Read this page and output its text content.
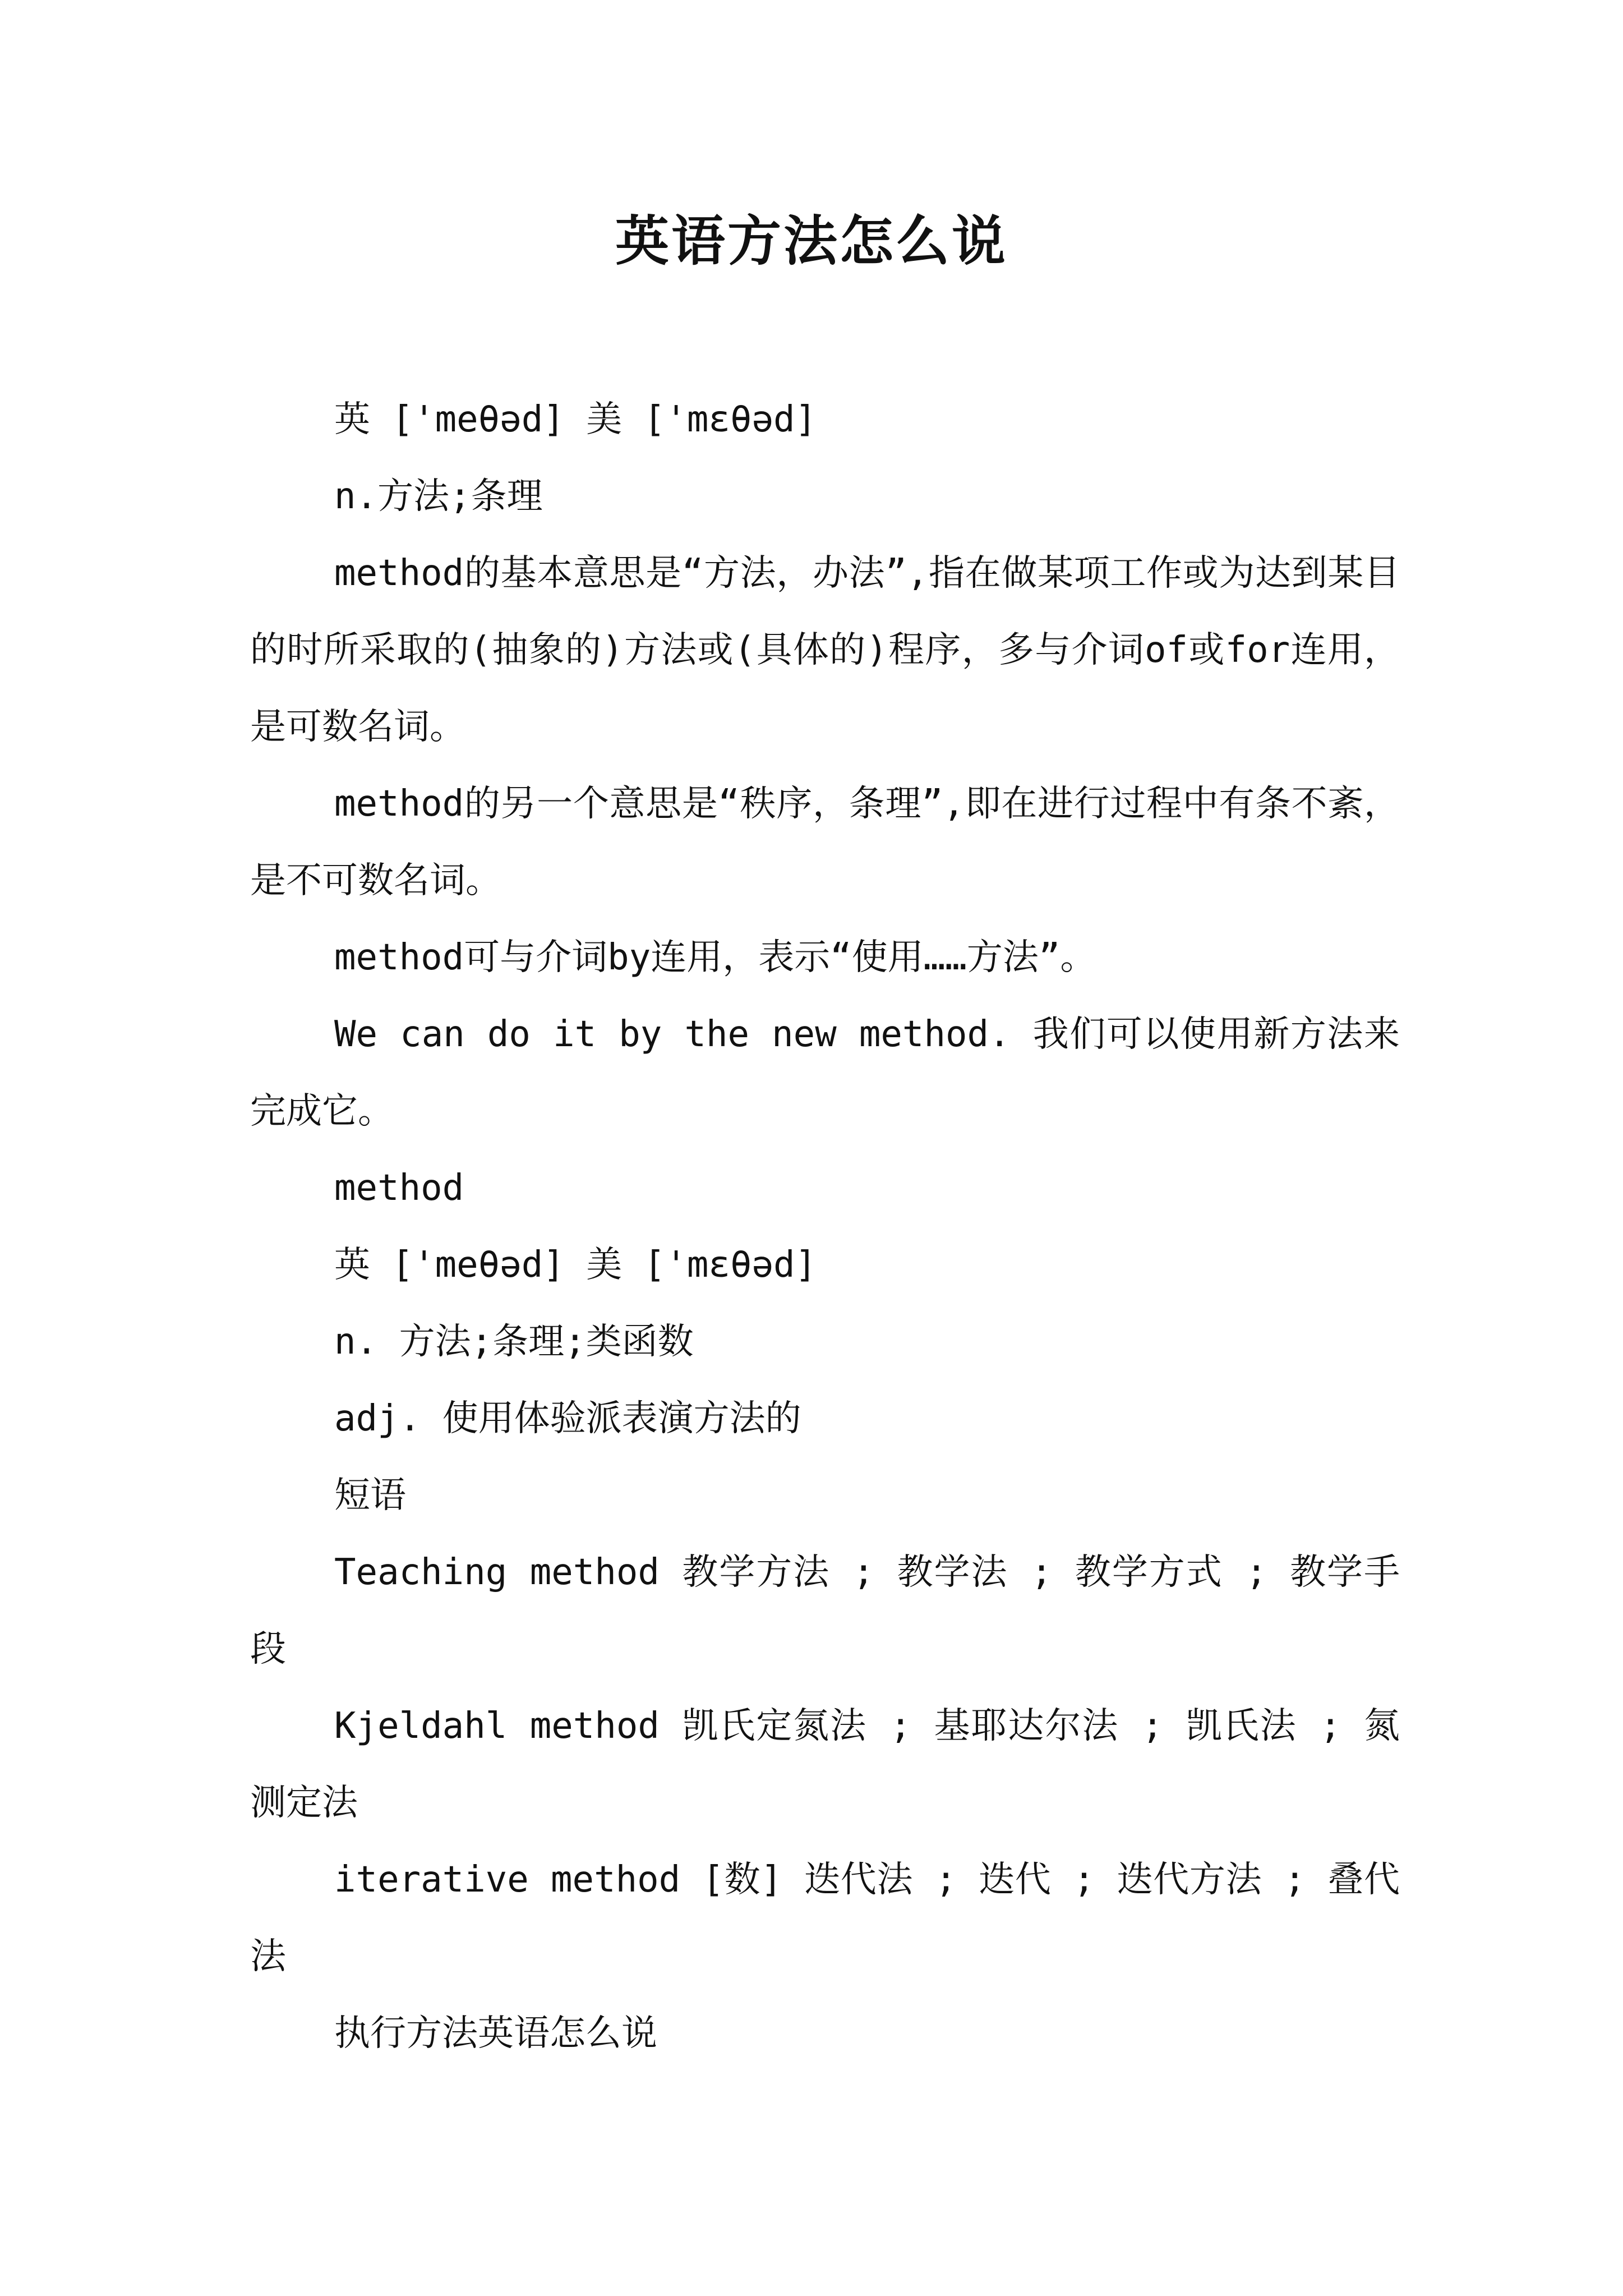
英语方法怎么说

英 ['meθəd] 美 ['mɛθəd]

n.方法;条理

method的基本意思是“方法，办法”,指在做某项工作或为达到某目的时所采取的(抽象的)方法或(具体的)程序，多与介词of或for连用，是可数名词。

method的另一个意思是“秩序，条理”,即在进行过程中有条不紊，是不可数名词。

method可与介词by连用，表示“使用……方法”。

We can do it by the new method. 我们可以使用新方法来完成它。

method

英 ['meθəd] 美 ['mɛθəd]

n. 方法;条理;类函数

adj. 使用体验派表演方法的

短语

Teaching method 教学方法 ; 教学法 ; 教学方式 ; 教学手段

Kjeldahl method 凯氏定氮法 ; 基耶达尔法 ; 凯氏法 ; 氮测定法

iterative method [数] 迭代法 ; 迭代 ; 迭代方法 ; 叠代法

执行方法英语怎么说
